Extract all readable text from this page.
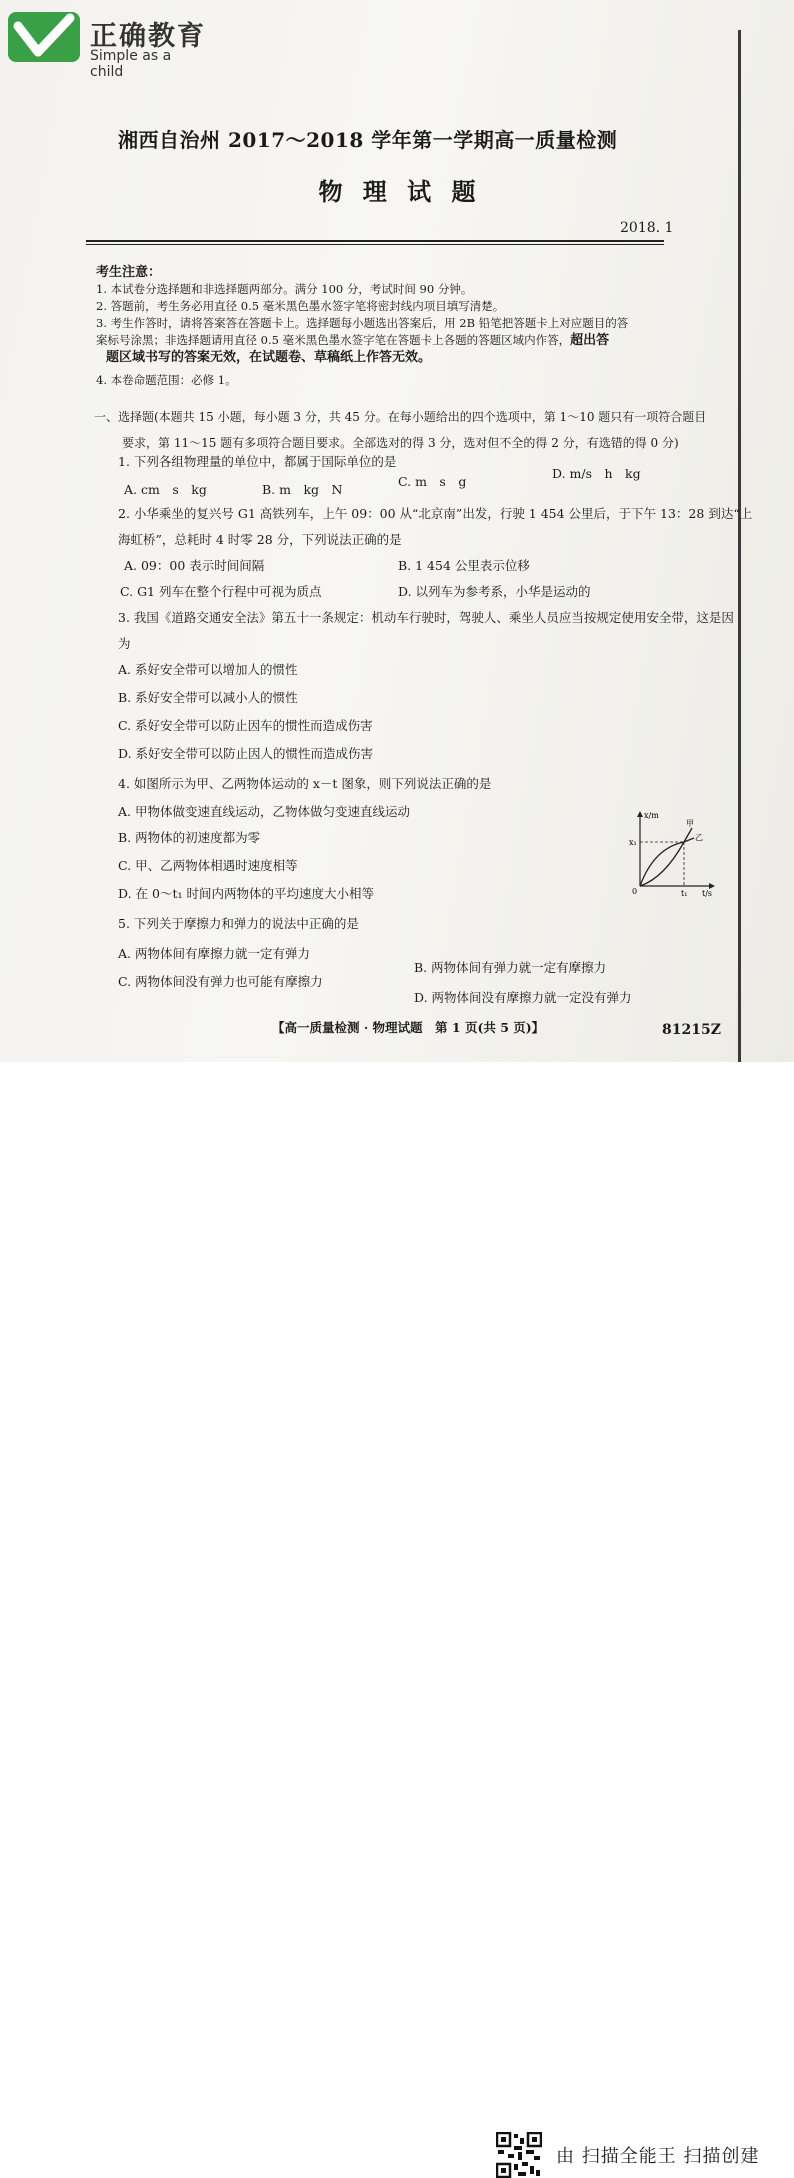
正确教育
Simple as a child
湘西自治州 2017～2018 学年第一学期高一质量检测
物 理 试 题
2018. 1
考生注意：
1. 本试卷分选择题和非选择题两部分。满分 100 分，考试时间 90 分钟。
2. 答题前，考生务必用直径 0.5 毫米黑色墨水签字笔将密封线内项目填写清楚。
3. 考生作答时，请将答案答在答题卡上。选择题每小题选出答案后，用 2B 铅笔把答题卡上对应题目的答
案标号涂黑；非选择题请用直径 0.5 毫米黑色墨水签字笔在答题卡上各题的答题区域内作答，超出答
题区域书写的答案无效，在试题卷、草稿纸上作答无效。
4. 本卷命题范围：必修 1。
一、选择题(本题共 15 小题，每小题 3 分，共 45 分。在每小题给出的四个选项中，第 1～10 题只有一项符合题目
要求，第 11～15 题有多项符合题目要求。全部选对的得 3 分，选对但不全的得 2 分，有选错的得 0 分)
1. 下列各组物理量的单位中，都属于国际单位的是
A. cm　s　kg	B. m　kg　N
C. m　s　g
D. m/s　h　kg
2. 小华乘坐的复兴号 G1 高铁列车，上午 09：00 从“北京南”出发，行驶 1 454 公里后，于下午 13：28 到达“上
海虹桥”，总耗时 4 时零 28 分，下列说法正确的是
A. 09：00 表示时间间隔	B. 1 454 公里表示位移
C. G1 列车在整个行程中可视为质点	D. 以列车为参考系，小华是运动的
3. 我国《道路交通安全法》第五十一条规定：机动车行驶时，驾驶人、乘坐人员应当按规定使用安全带，这是因
为
A. 系好安全带可以增加人的惯性
B. 系好安全带可以减小人的惯性
C. 系好安全带可以防止因车的惯性而造成伤害
D. 系好安全带可以防止因人的惯性而造成伤害
4. 如图所示为甲、乙两物体运动的 x－t 图象，则下列说法正确的是
A. 甲物体做变速直线运动，乙物体做匀变速直线运动
B. 两物体的初速度都为零
C. 甲、乙两物体相遇时速度相等
D. 在 0～t₁ 时间内两物体的平均速度大小相等
x/m
t/s
x₁
t₁
0
甲
乙
5. 下列关于摩擦力和弹力的说法中正确的是
A. 两物体间有摩擦力就一定有弹力
B. 两物体间有弹力就一定有摩擦力
C. 两物体间没有弹力也可能有摩擦力
D. 两物体间没有摩擦力就一定没有弹力
【高一质量检测 · 物理试题　第 1 页(共 5 页)】	81215Z
由 扫描全能王 扫描创建
